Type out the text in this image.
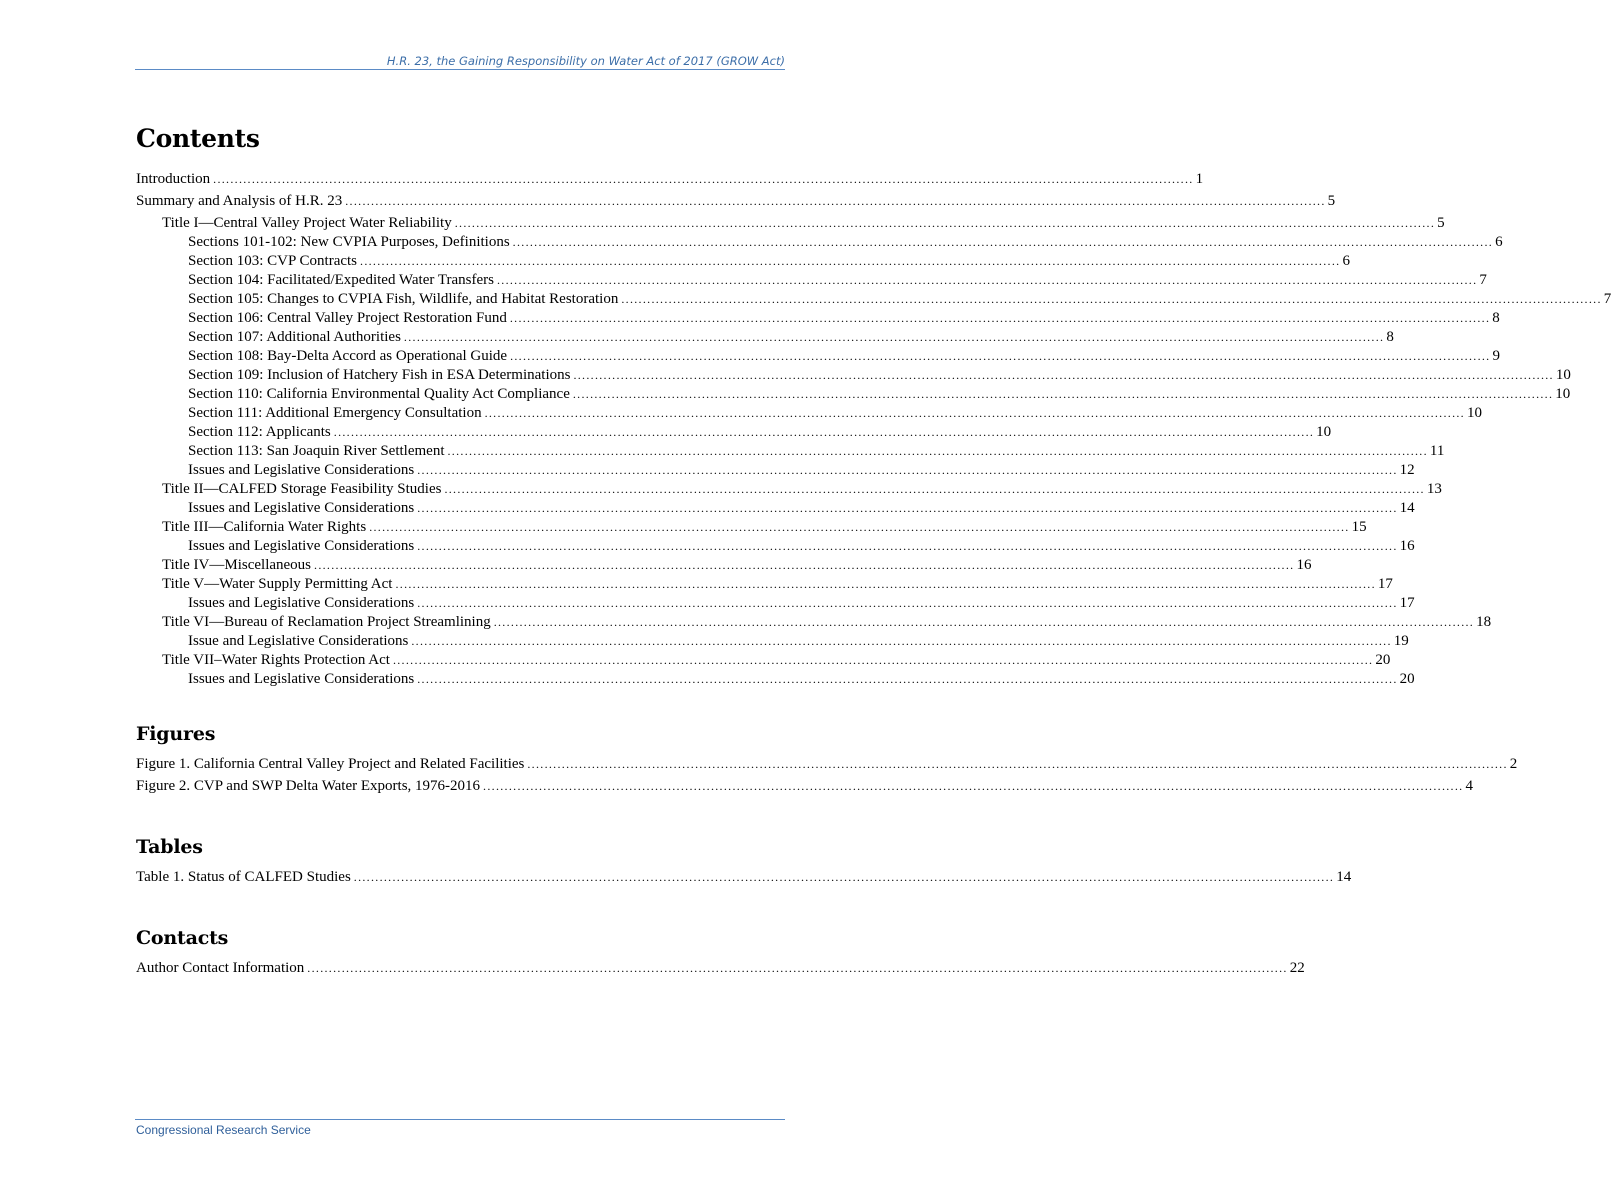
H.R. 23, the Gaining Responsibility on Water Act of 2017 (GROW Act)
Contents
Introduction .................................................................................................................................................................................................................................... 1
Summary and Analysis of H.R. 23 .................................................................................................................................................................................................................................... 5
Title I—Central Valley Project Water Reliability .................................................................................................................................................................................................................................... 5
Sections 101-102: New CVPIA Purposes, Definitions .................................................................................................................................................................................................................................... 6
Section 103: CVP Contracts .................................................................................................................................................................................................................................... 6
Section 104: Facilitated/Expedited Water Transfers .................................................................................................................................................................................................................................... 7
Section 105: Changes to CVPIA Fish, Wildlife, and Habitat Restoration .................................................................................................................................................................................................................................... 7
Section 106: Central Valley Project Restoration Fund .................................................................................................................................................................................................................................... 8
Section 107: Additional Authorities .................................................................................................................................................................................................................................... 8
Section 108: Bay-Delta Accord as Operational Guide .................................................................................................................................................................................................................................... 9
Section 109: Inclusion of Hatchery Fish in ESA Determinations .................................................................................................................................................................................................................................... 10
Section 110: California Environmental Quality Act Compliance .................................................................................................................................................................................................................................... 10
Section 111: Additional Emergency Consultation .................................................................................................................................................................................................................................... 10
Section 112: Applicants .................................................................................................................................................................................................................................... 10
Section 113: San Joaquin River Settlement .................................................................................................................................................................................................................................... 11
Issues and Legislative Considerations .................................................................................................................................................................................................................................... 12
Title II—CALFED Storage Feasibility Studies .................................................................................................................................................................................................................................... 13
Issues and Legislative Considerations .................................................................................................................................................................................................................................... 14
Title III—California Water Rights .................................................................................................................................................................................................................................... 15
Issues and Legislative Considerations .................................................................................................................................................................................................................................... 16
Title IV—Miscellaneous .................................................................................................................................................................................................................................... 16
Title V—Water Supply Permitting Act .................................................................................................................................................................................................................................... 17
Issues and Legislative Considerations .................................................................................................................................................................................................................................... 17
Title VI—Bureau of Reclamation Project Streamlining .................................................................................................................................................................................................................................... 18
Issue and Legislative Considerations .................................................................................................................................................................................................................................... 19
Title VII–Water Rights Protection Act .................................................................................................................................................................................................................................... 20
Issues and Legislative Considerations .................................................................................................................................................................................................................................... 20
Figures
Figure 1. California Central Valley Project and Related Facilities .................................................................................................................................................................................................................................... 2
Figure 2. CVP and SWP Delta Water Exports, 1976-2016 .................................................................................................................................................................................................................................... 4
Tables
Table 1. Status of CALFED Studies .................................................................................................................................................................................................................................... 14
Contacts
Author Contact Information .................................................................................................................................................................................................................................... 22
Congressional Research Service
